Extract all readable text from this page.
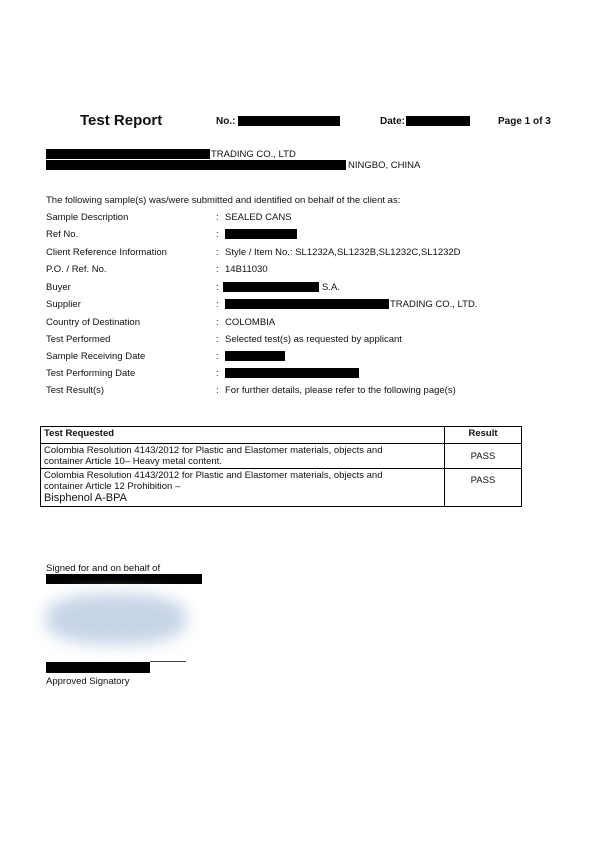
Test Report	No.:	Date:	Page 1 of 3
TRADING CO., LTD
NINGBO, CHINA
The following sample(s) was/were submitted and identified on behalf of the client as:
Sample Description	: SEALED CANS
Ref No.	:
Client Reference Information	: Style / Item No.: SL1232A,SL1232B,SL1232C,SL1232D
P.O. / Ref. No.	: 14B11030
Buyer	:	S.A.
Supplier	:	TRADING CO., LTD.
Country of Destination	: COLOMBIA
Test Performed	: Selected test(s) as requested by applicant
Sample Receiving Date	:
Test Performing Date	:
Test Result(s)	: For further details, please refer to the following page(s)
Test Requested	Result

Colombia Resolution 4143/2012 for Plastic and Elastomer materials, objects and
container Article 10– Heavy metal content.	PASS

Colombia Resolution 4143/2012 for Plastic and Elastomer materials, objects and
container Article 12 Prohibition –
Bisphenol A-BPA	PASS
Signed for and on behalf of
Approved Signatory
